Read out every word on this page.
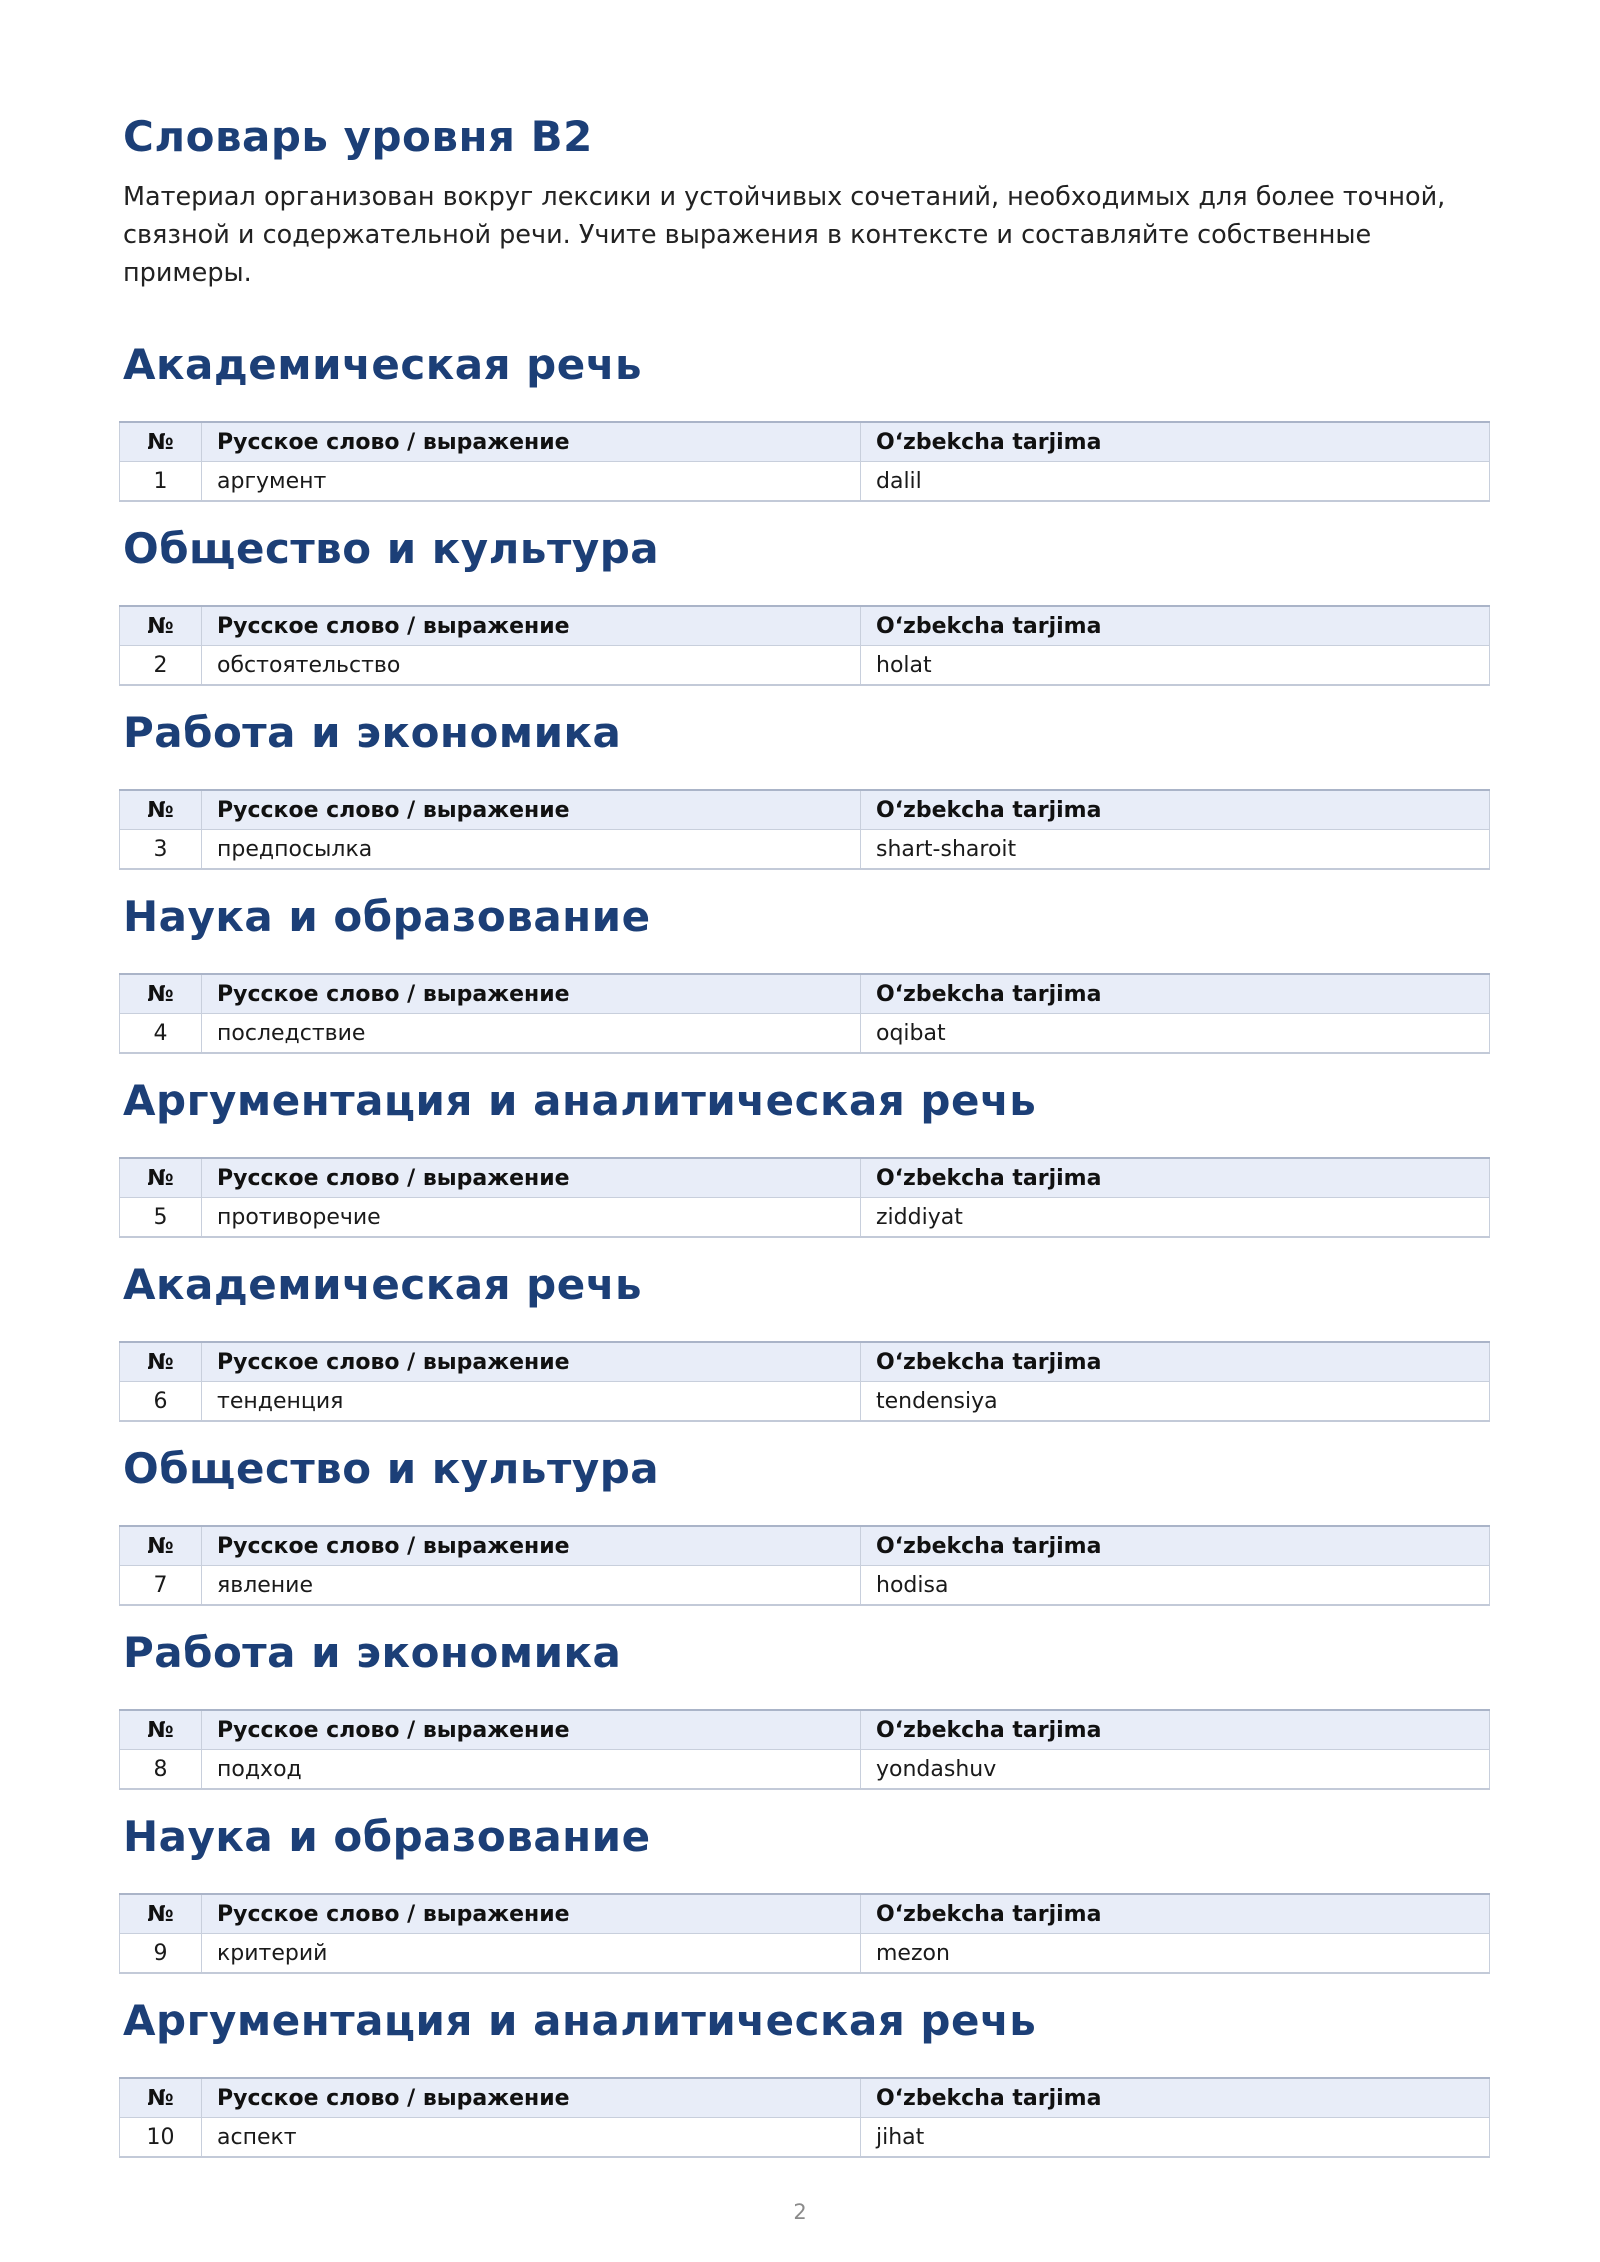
Словарь уровня B2

Материал организован вокруг лексики и устойчивых сочетаний, необходимых для более точной, связной и содержательной речи. Учите выражения в контексте и составляйте собственные примеры.

Академическая речь
№	Русское слово / выражение	Oʻzbekcha tarjima
1	аргумент	dalil
Общество и культура
№	Русское слово / выражение	Oʻzbekcha tarjima
2	обстоятельство	holat
Работа и экономика
№	Русское слово / выражение	Oʻzbekcha tarjima
3	предпосылка	shart-sharoit
Наука и образование
№	Русское слово / выражение	Oʻzbekcha tarjima
4	последствие	oqibat
Аргументация и аналитическая речь
№	Русское слово / выражение	Oʻzbekcha tarjima
5	противоречие	ziddiyat
Академическая речь
№	Русское слово / выражение	Oʻzbekcha tarjima
6	тенденция	tendensiya
Общество и культура
№	Русское слово / выражение	Oʻzbekcha tarjima
7	явление	hodisa
Работа и экономика
№	Русское слово / выражение	Oʻzbekcha tarjima
8	подход	yondashuv
Наука и образование
№	Русское слово / выражение	Oʻzbekcha tarjima
9	критерий	mezon
Аргументация и аналитическая речь
№	Русское слово / выражение	Oʻzbekcha tarjima
10	аспект	jihat
2
